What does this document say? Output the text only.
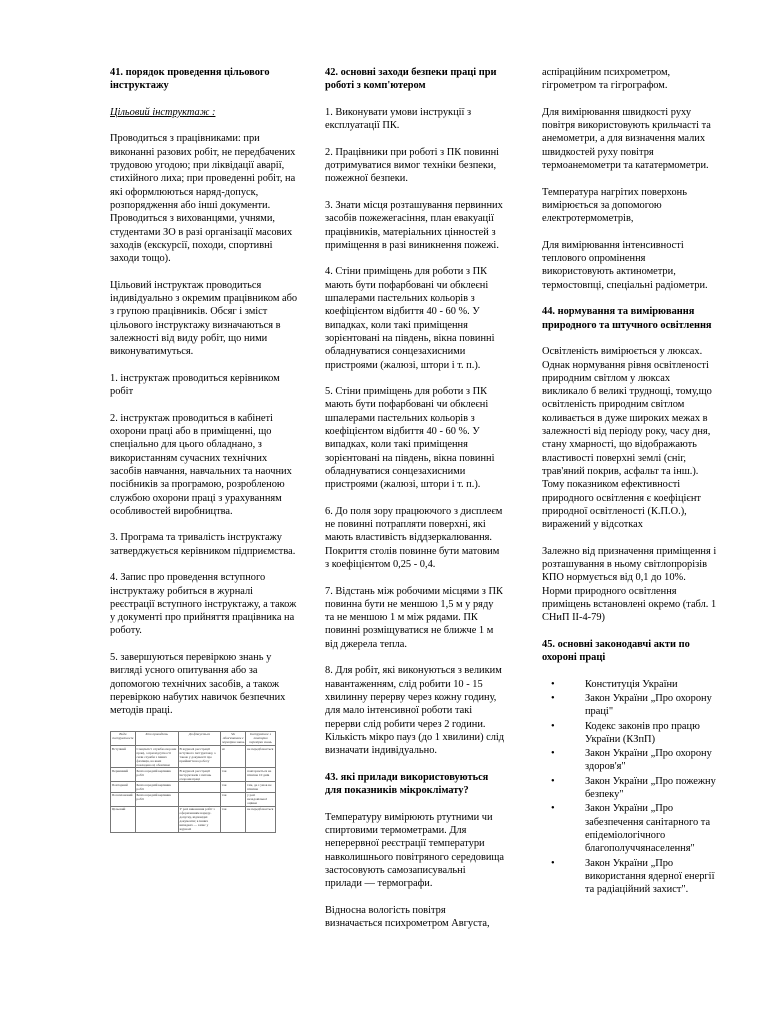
41. порядок проведення цільового інструктажу

Цільовий інструктаж :

Проводиться з працівниками: при виконанні разових робіт, не передбачених трудовою угодою; при ліквідації аварії, стихійного лиха; при проведенні робіт, на які оформлюються наряд-допуск, розпорядження або інші документи. Проводиться з вихованцями, учнями, студентами ЗО в разі організації масових заходів (екскурсії, походи, спортивні заходи тощо).

Цільовий інструктаж проводиться індивідуально з окремим працівником або з групою працівників. Обсяг і зміст цільового інструктажу визначаються в залежності від виду робіт, що ними виконуватимуться.

1. інструктаж проводиться керівником робіт

2. інструктаж проводиться в кабінеті охорони праці або в приміщенні, що спеціально для цього обладнано, з використанням сучасних технічних засобів навчання, навчальних та наочних посібників за програмою, розробленою службою охорони праці з урахуванням особливостей виробництва.

3. Програма та тривалість інструктажу затверджується керівником підприємства.

4. Запис про проведення вступного інструктажу робиться в журналі реєстрації вступного інструктажу, а також у документі про прийняття працівника на роботу.

5. завершуються перевіркою знань у вигляді усного опитування або за допомогою технічних засобів, а також перевіркою набутих навичок безпечних методів праці.

Види інструктажів	Хто проводить	До фіксується	Чи обов'язковим є перевірка знань	Інструктаж з повторно перевірки знань
Вступний	Спеціаліст служби охорони праці, а при відсутності сили служби з інших фахівців, на яких покладено ці обов'язки	В журналі реєстрації вступного інструктажу, а також у документі про прийняття на роботу	ні	не передбачається
Первинний	Безпосередній керівник робіт	В журналі реєстрації інструктажів з питань охорони праці	так	повторюється не пізніше 10 днів
Повторний	Безпосередній керівник робіт		так	там, де з умов не пізніше
Позаплановий	Безпосередній керівник робіт		так	у разі незадовільної оцінки
Цільовий		У разі виконання робіт з оформленням наряду-допуску, відповідні документи; в інших випадках — запис у журналі	так	не передбачається

42. основні заходи безпеки праці при роботі з комп'ютером

1. Виконувати умови інструкції з експлуатації ПК.

2. Працівники при роботі з ПК повинні дотримуватися вимог техніки безпеки, пожежної безпеки.

3. Знати місця розташування первинних засобів пожежегасіння, план евакуації працівників, матеріальних цінностей з приміщення в разі виникнення пожежі.

4. Стіни приміщень для роботи з ПК мають бути пофарбовані чи обклеєні шпалерами пастельних кольорів з коефіцієнтом відбиття 40 - 60 %. У випадках, коли такі приміщення зорієнтовані на південь, вікна повинні обладнуватися сонцезахисними пристроями (жалюзі, штори і т. п.).

5. Стіни приміщень для роботи з ПК мають бути пофарбовані чи обклеєні шпалерами пастельних кольорів з коефіцієнтом відбиття 40 - 60 %. У випадках, коли такі приміщення зорієнтовані на південь, вікна повинні обладнуватися сонцезахисними пристроями (жалюзі, штори і т. п.).

6. До поля зору працюючого з дисплеєм не повинні потрапляти поверхні, які мають властивість віддзеркалювання. Покриття столів повинне бути матовим з коефіцієнтом 0,25 - 0,4.

7. Відстань між робочими місцями з ПК повинна бути не меншою 1,5 м у ряду та не меншою 1 м між рядами. ПК повинні розміщуватися не ближче 1 м від джерела тепла.

8. Для робіт, які виконуються з великим навантаженням, слід робити 10 - 15 хвилинну перерву через кожну годину, для мало інтенсивної роботи такі перерви слід робити через 2 години. Кількість мікро пауз (до 1 хвилини) слід визначати індивідуально.

43. які прилади використовуються для показників мікроклімату?

Температуру вимірюють ртутними чи спиртовими термометрами. Для неперервної реєстрації температури навколишнього повітряного середовища застосовують самозаписувальні прилади — термографи.

Відносна вологість повітря визначається психрометром Августа,

аспіраційним психрометром, гігрометром та гігрографом.

Для вимірювання швидкості руху повітря використовують крильчасті та анемометри, а для визначення малих швидкостей руху повітря термоанемометри та кататермометри.

Температура нагрітих поверхонь вимірюється за допомогою електротермометрів,

Для вимірювання інтенсивності теплового опромінення використовують актинометри, термостовпці, спеціальні радіометри.

44. нормування та вимірювання природного та штучного освітлення

Освітленість вимірюється у люксах. Однак нормування рівня освітленості природним світлом у люксах викликало б великі труднощі, тому,що освітленість природним світлом коливається в дуже широких межах в залежності від періоду року, часу дня, стану хмарності, що відображають властивості поверхні землі (сніг, трав'яний покрив, асфальт та інш.). Тому показником ефективності природного освітлення є коефіцієнт природної освітленості (К.П.О.), виражений у відсотках

Залежно від призначення приміщення і розташування в ньому світлопрорізів КПО нормується від 0,1 до 10%. Норми природного освітлення приміщень встановлені окремо (табл. 1 СНиП II-4-79)

45. основні законодавчі акти по охороні праці

• Конституція України
• Закон України „Про охорону праці"
• Кодекс законів про працю України (КЗпП)
• Закон України „Про охорону здоров'я"
• Закон України „Про пожежну безпеку"
• Закон України „Про забезпечення санітарного та епідеміологічного благополуччянаселення"
• Закон України „Про використання ядерної енергії та радіаційний захист".
